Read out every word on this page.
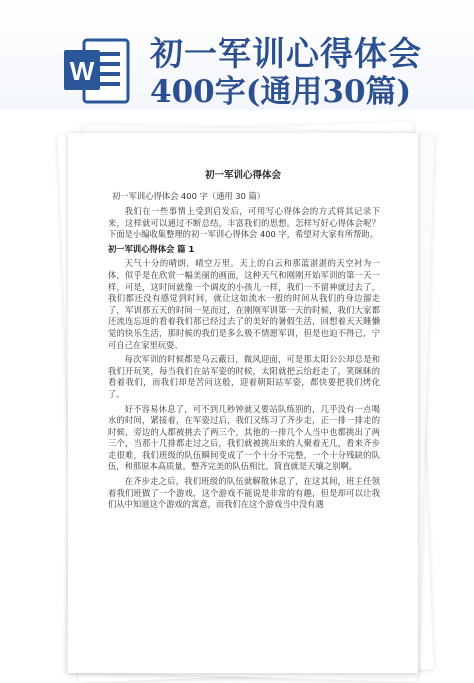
W 初一军训心得体会
400字(通用30篇)
初一军训心得体会
初一军训心得体会 400 字（通用 30 篇）

我们在一些事情上受到启发后，可用写心得体会的方式将其记录下来，这样就可以通过不断总结，丰富我们的思想。怎样写好心得体会呢？下面是小编收集整理的初一军训心得体会 400 字，希望对大家有所帮助。

初一军训心得体会 篇 1

天气十分的晴朗，晴空万里。天上的白云和那蓝湛湛的天空衬为一体，似乎是在欣赏一幅美丽的画面，这种天气和刚刚开始军训的第一天一样，可是，这时间就像一个调皮的小孩儿一样，我们一不留神就过去了，我们都还没有感觉到时间，就让这如流水一般的时间从我们的身边溜走了，军训那五天的时间一晃而过，在刚刚军训第一天的时候，我们大家都还流连忘返的看着我们那已经过去了的美好的暑假生活，回想着天天睡懒觉的快乐生活，那时候的我们是多么极不情愿军训，但是也迫不得已，宁可自己在家里玩耍。

每次军训的时候都是乌云蔽日，微风迎面，可是那太阳公公却总是和我们开玩笑，每当我们在站军姿的时候，太阳就把云给赶走了，笑眯眯的看着我们，而我们却是苦问这般，迎着朝阳站军姿，都快要把我们烤化了。

好不容易休息了，可不到几秒钟就又要站队练别的，几乎没有一点喝水的时间，紧接着，在军姿过后，我们又练习了齐步走，正一排一排走的时候，旁边的人都被挑去了两三个，其他的一排几个人当中也都挑出了两三个，当那十几排都走过之后，我们就被挑出来的人聚着无几，看来齐步走很难，我们班级的队伍瞬间变成了一个十分不完整，一个十分残缺的队伍，和那原本高质量，整齐完美的队伍相比，简直就是天壤之别啊。

在齐步走之后，我们班级的队伍就解散休息了，在这其间，班主任领着我们班做了一个游戏，这个游戏不能说是非常的有趣，但是却可以让我们从中知道这个游戏的寓意，而我们在这个游戏当中没有遇
